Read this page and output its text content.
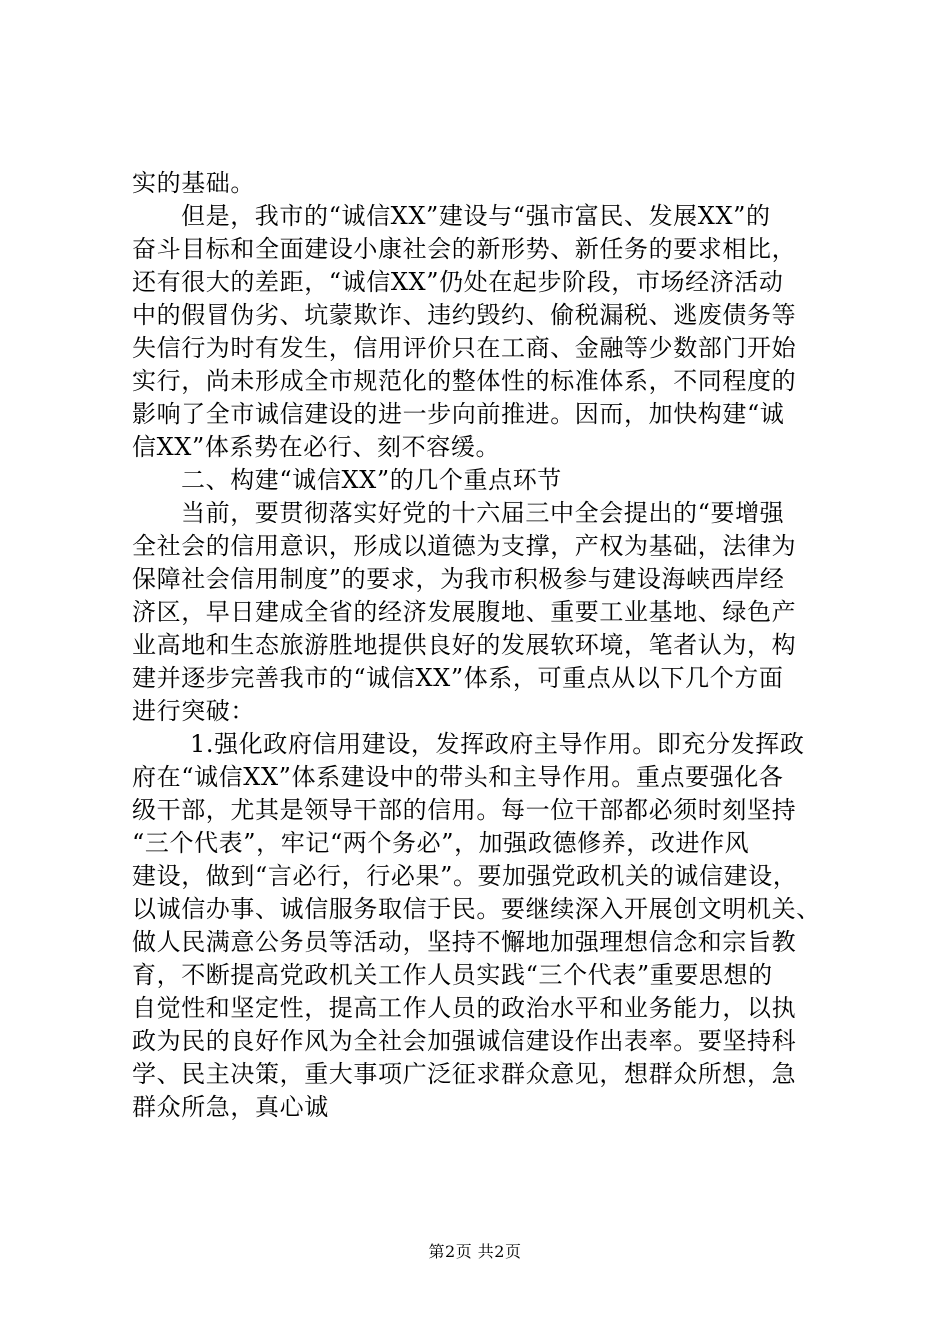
实的基础。
但是，我市的“诚信XX”建设与“强市富民、发展XX”的
奋斗目标和全面建设小康社会的新形势、新任务的要求相比，
还有很大的差距，“诚信XX”仍处在起步阶段，市场经济活动
中的假冒伪劣、坑蒙欺诈、违约毁约、偷税漏税、逃废债务等
失信行为时有发生，信用评价只在工商、金融等少数部门开始
实行，尚未形成全市规范化的整体性的标准体系，不同程度的
影响了全市诚信建设的进一步向前推进。因而，加快构建“诚
信XX”体系势在必行、刻不容缓。
二、构建“诚信XX”的几个重点环节
当前，要贯彻落实好党的十六届三中全会提出的“要增强
全社会的信用意识，形成以道德为支撑，产权为基础，法律为
保障社会信用制度”的要求，为我市积极参与建设海峡西岸经
济区，早日建成全省的经济发展腹地、重要工业基地、绿色产
业高地和生态旅游胜地提供良好的发展软环境，笔者认为，构
建并逐步完善我市的“诚信XX”体系，可重点从以下几个方面
进行突破：
1.强化政府信用建设，发挥政府主导作用。即充分发挥政
府在“诚信XX”体系建设中的带头和主导作用。重点要强化各
级干部，尤其是领导干部的信用。每一位干部都必须时刻坚持
“三个代表”，牢记“两个务必”，加强政德修养，改进作风
建设，做到“言必行，行必果”。要加强党政机关的诚信建设，
以诚信办事、诚信服务取信于民。要继续深入开展创文明机关、
做人民满意公务员等活动，坚持不懈地加强理想信念和宗旨教
育，不断提高党政机关工作人员实践“三个代表”重要思想的
自觉性和坚定性，提高工作人员的政治水平和业务能力，以执
政为民的良好作风为全社会加强诚信建设作出表率。要坚持科
学、民主决策，重大事项广泛征求群众意见，想群众所想，急
群众所急，真心诚
第2页 共2页
